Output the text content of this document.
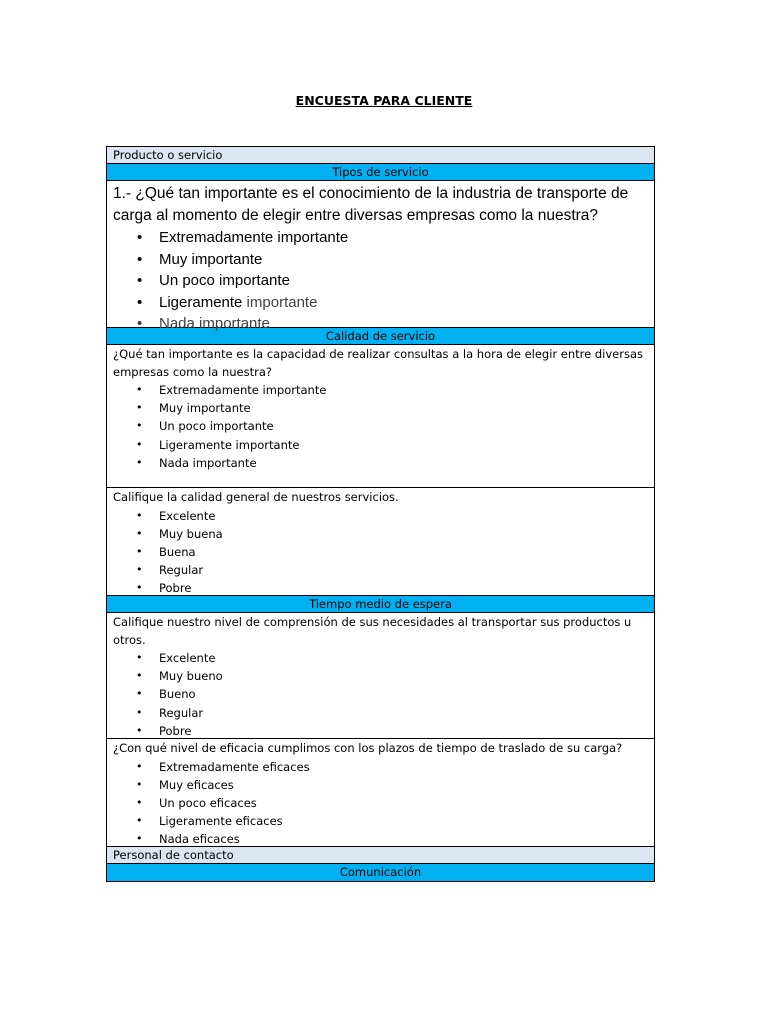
ENCUESTA PARA CLIENTE
Producto o servicio
Tipos de servicio
1.- ¿Qué tan importante es el conocimiento de la industria de transporte de carga al momento de elegir entre diversas empresas como la nuestra?
• Extremadamente importante
• Muy importante
• Un poco importante
• Ligeramente importante
• Nada importante
Calidad de servicio
¿Qué tan importante es la capacidad de realizar consultas a la hora de elegir entre diversas empresas como la nuestra?
• Extremadamente importante
• Muy importante
• Un poco importante
• Ligeramente importante
• Nada importante
Califique la calidad general de nuestros servicios.
• Excelente
• Muy buena
• Buena
• Regular
• Pobre
Tiempo medio de espera
Califique nuestro nivel de comprensión de sus necesidades al transportar sus productos u otros.
• Excelente
• Muy bueno
• Bueno
• Regular
• Pobre
¿Con qué nivel de eficacia cumplimos con los plazos de tiempo de traslado de su carga?
• Extremadamente eficaces
• Muy eficaces
• Un poco eficaces
• Ligeramente eficaces
• Nada eficaces
Personal de contacto
Comunicación
